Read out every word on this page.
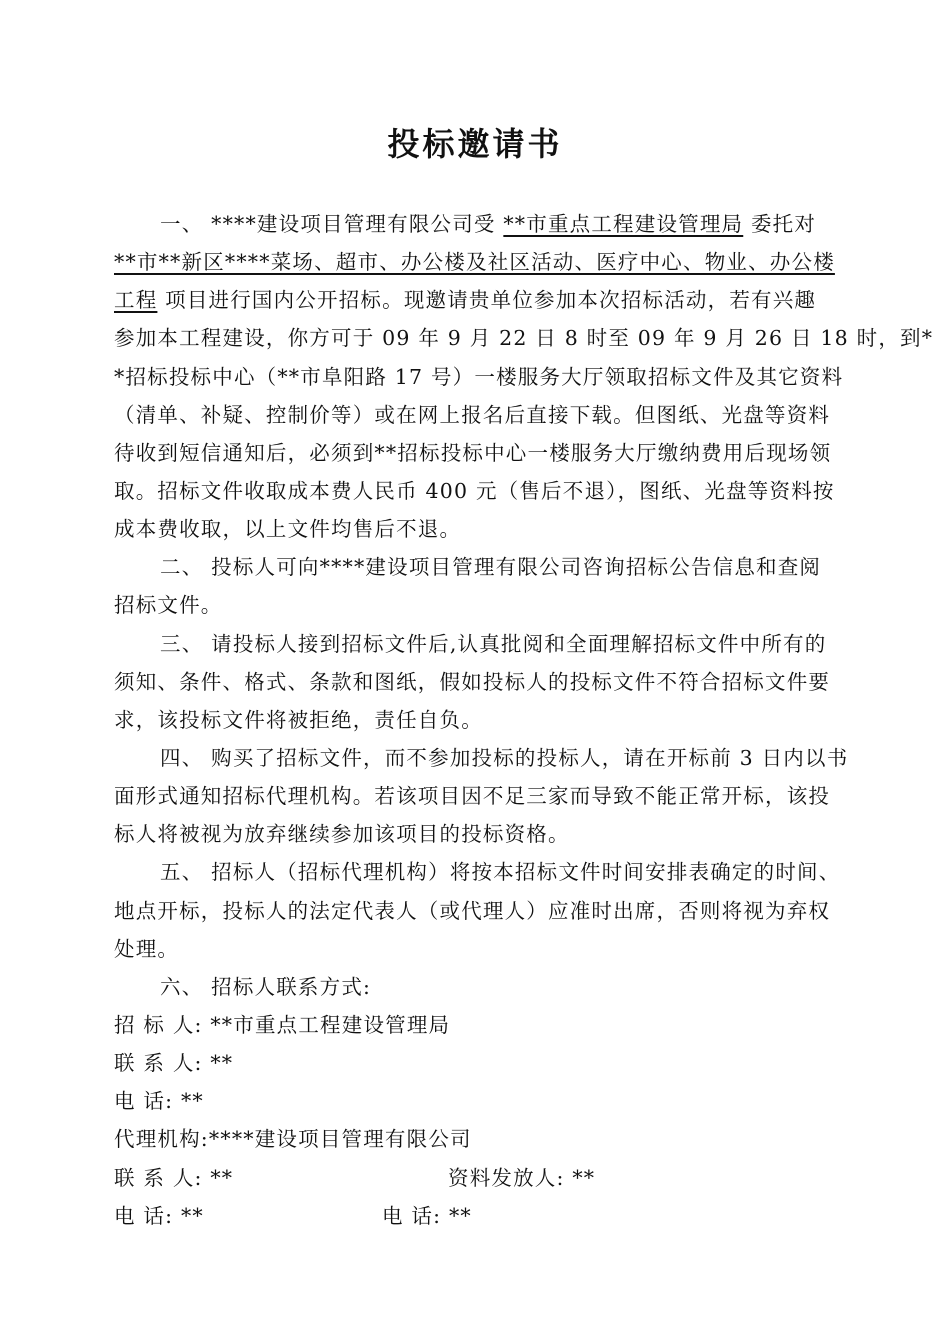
投标邀请书
一、 ****建设项目管理有限公司受 **市重点工程建设管理局 委托对
**市**新区****菜场、超市、办公楼及社区活动、医疗中心、物业、办公楼
工程 项目进行国内公开招标。现邀请贵单位参加本次招标活动，若有兴趣
参加本工程建设，你方可于 09 年 9 月 22 日 8 时至 09 年 9 月 26 日 18 时，到*
*招标投标中心（**市阜阳路 17 号）一楼服务大厅领取招标文件及其它资料
（清单、补疑、控制价等）或在网上报名后直接下载。但图纸、光盘等资料
待收到短信通知后，必须到**招标投标中心一楼服务大厅缴纳费用后现场领
取。招标文件收取成本费人民币 400 元（售后不退），图纸、光盘等资料按
成本费收取，以上文件均售后不退。
二、 投标人可向****建设项目管理有限公司咨询招标公告信息和查阅
招标文件。
三、 请投标人接到招标文件后,认真批阅和全面理解招标文件中所有的
须知、条件、格式、条款和图纸，假如投标人的投标文件不符合招标文件要
求，该投标文件将被拒绝，责任自负。
四、 购买了招标文件，而不参加投标的投标人，请在开标前 3 日内以书
面形式通知招标代理机构。若该项目因不足三家而导致不能正常开标，该投
标人将被视为放弃继续参加该项目的投标资格。
五、 招标人（招标代理机构）将按本招标文件时间安排表确定的时间、
地点开标，投标人的法定代表人（或代理人）应准时出席，否则将视为弃权
处理。
六、 招标人联系方式:
招 标 人: **市重点工程建设管理局
联 系 人: **
电 话: **
代理机构:****建设项目管理有限公司
联 系 人: **	资料发放人: **
电 话: **	电 话: **
